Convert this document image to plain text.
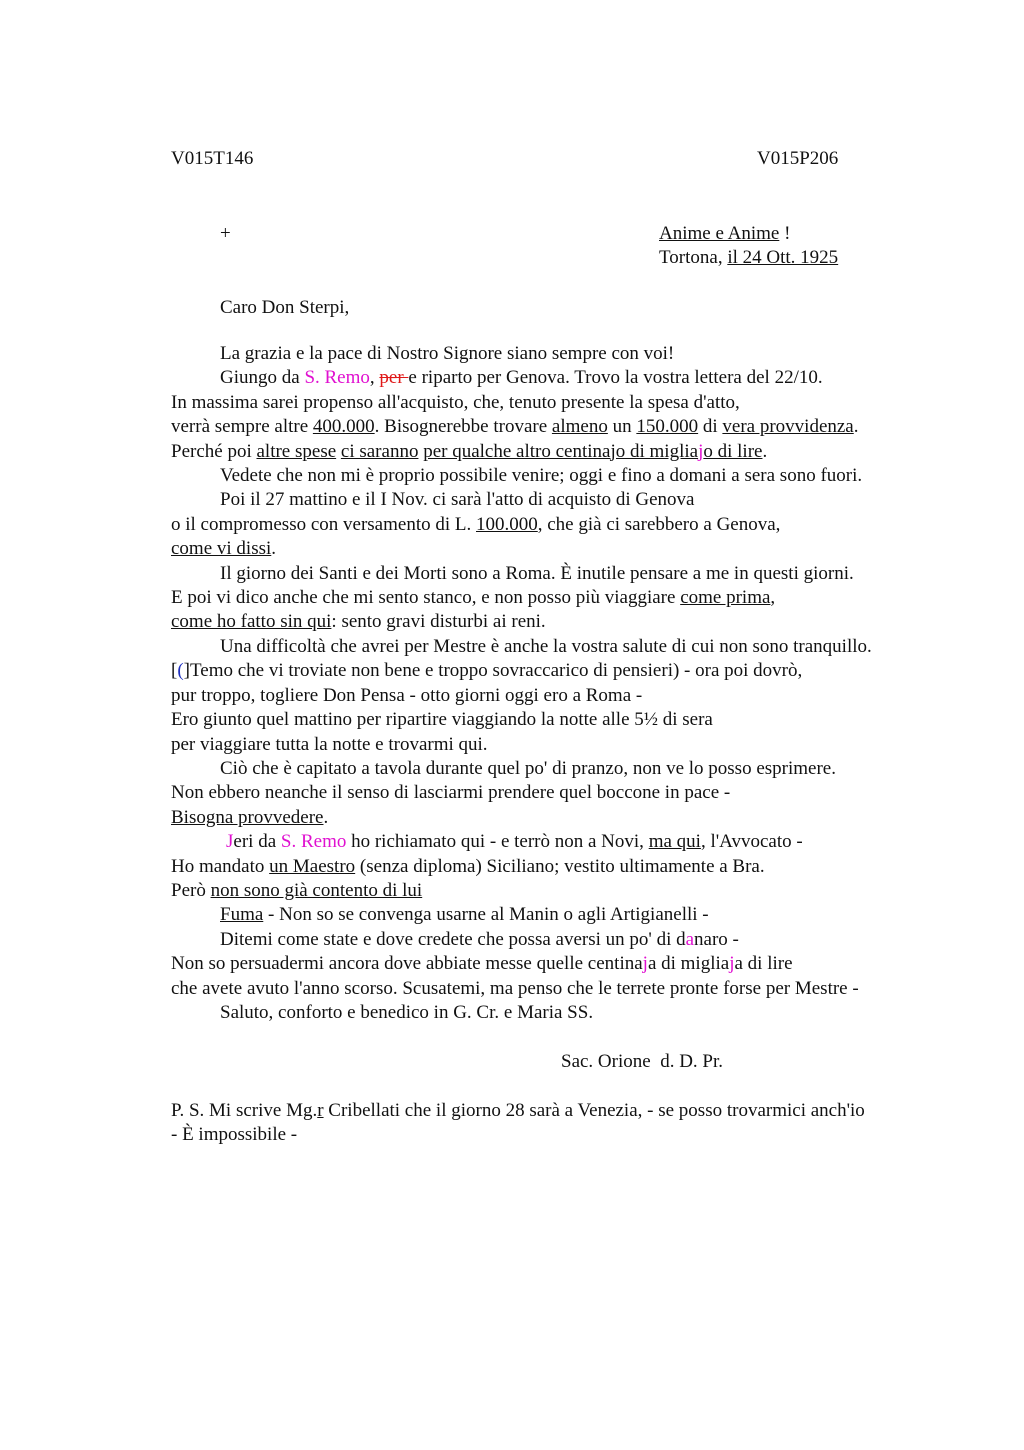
V015T146	V015P206
+	Anime e Anime !
Tortona, il 24 Ott. 1925
Caro Don Sterpi,

La grazia e la pace di Nostro Signore siano sempre con voi!

Giungo da S. Remo, per e riparto per Genova. Trovo la vostra lettera del 22/10.
In massima sarei propenso all'acquisto, che, tenuto presente la spesa d'atto,
verrà sempre altre 400.000. Bisognerebbe trovare almeno un 150.000 di vera provvidenza.
Perché poi altre spese ci saranno per qualche altro centinajo di migliajo di lire.

Vedete che non mi è proprio possibile venire; oggi e fino a domani a sera sono fuori.

Poi il 27 mattino e il I Nov. ci sarà l'atto di acquisto di Genova
o il compromesso con versamento di L. 100.000, che già ci sarebbero a Genova,
come vi dissi.

Il giorno dei Santi e dei Morti sono a Roma. È inutile pensare a me in questi giorni.

E poi vi dico anche che mi sento stanco, e non posso più viaggiare come prima,
come ho fatto sin qui: sento gravi disturbi ai reni.

Una difficoltà che avrei per Mestre è anche la vostra salute di cui non sono tranquillo.

[(]Temo che vi troviate non bene e troppo sovraccarico di pensieri) - ora poi dovrò,
pur troppo, togliere Don Pensa - otto giorni oggi ero a Roma -
Ero giunto quel mattino per ripartire viaggiando la notte alle 5½ di sera
per viaggiare tutta la notte e trovarmi qui.

Ciò che è capitato a tavola durante quel po' di pranzo, non ve lo posso esprimere.
Non ebbero neanche il senso di lasciarmi prendere quel boccone in pace -
Bisogna provvedere.

Jeri da S. Remo ho richiamato qui - e terrò non a Novi, ma qui, l'Avvocato -
Ho mandato un Maestro (senza diploma) Siciliano; vestito ultimamente a Bra.
Però non sono già contento di lui

Fuma - Non so se convenga usarne al Manin o agli Artigianelli -

Ditemi come state e dove credete che possa aversi un po' di danaro -
Non so persuadermi ancora dove abbiate messe quelle centinaja di migliaja di lire
che avete avuto l'anno scorso. Scusatemi, ma penso che le terrete pronte forse per Mestre -

Saluto, conforto e benedico in G. Cr. e Maria SS.

Sac. Orione  d. D. Pr.

P. S. Mi scrive Mg.r Cribellati che il giorno 28 sarà a Venezia, - se posso trovarmici anch'io
- È impossibile -
